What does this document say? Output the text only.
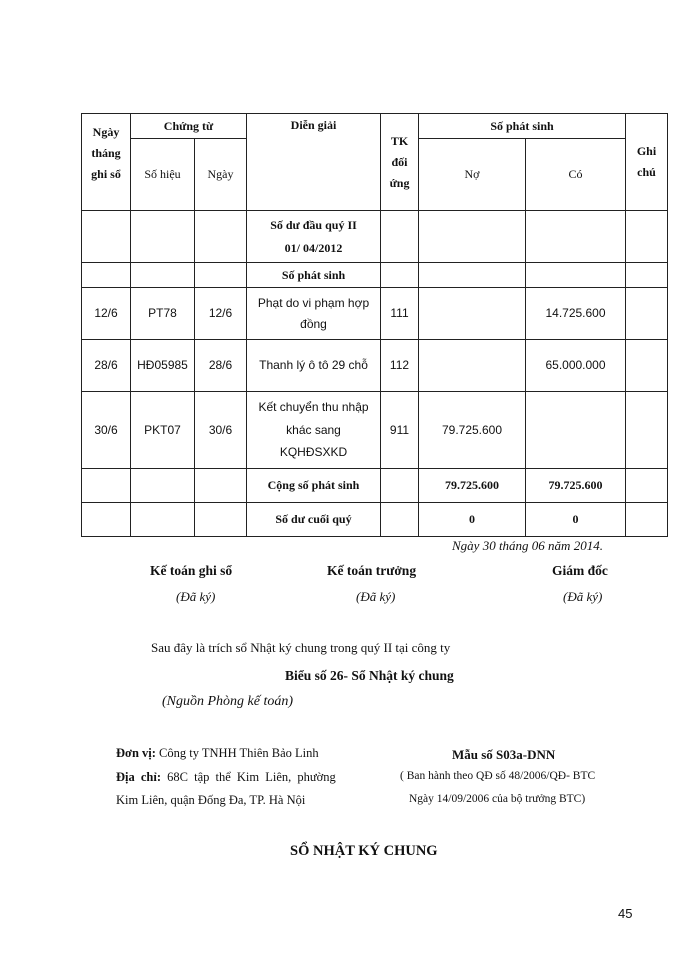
Ngày tháng ghi sổ	Chứng từ		Diễn giải	TK đối ứng	Số phát sinh		Ghi chú
	Số hiệu	Ngày			Nợ	Có	

			Số dư đầu quý II
01/ 04/2012				

			Số phát sinh				
12/6	PT78	12/6	Phạt do vi phạm hợp đồng	111		14.725.600	
28/6	HĐ05985	28/6	Thanh lý ô tô 29 chỗ	112		65.000.000	
30/6	PKT07	30/6	Kết chuyển thu nhập khác sang KQHĐSXKD	911	79.725.600		
			Cộng số phát sinh		79.725.600	79.725.600	
			Số dư cuối quý		0	0	
Ngày 30 tháng 06 năm 2014.
Kế toán ghi sổ	Kế toán trưởng	Giám đốc
(Đã ký)	(Đã ký)	(Đã ký)
Sau đây là trích sổ Nhật ký chung trong quý II tại công ty
Biểu số 26- Sổ Nhật ký chung
(Nguồn Phòng kế toán)
Đơn vị: Công ty TNHH Thiên Bảo Linh
Địa chỉ: 68C tập thể Kim Liên, phường
Kim Liên, quận Đống Đa, TP. Hà Nội
Mẫu số S03a-DNN
( Ban hành theo QĐ số 48/2006/QĐ- BTC
Ngày 14/09/2006 của bộ trưởng BTC)
SỔ NHẬT KÝ CHUNG
45
